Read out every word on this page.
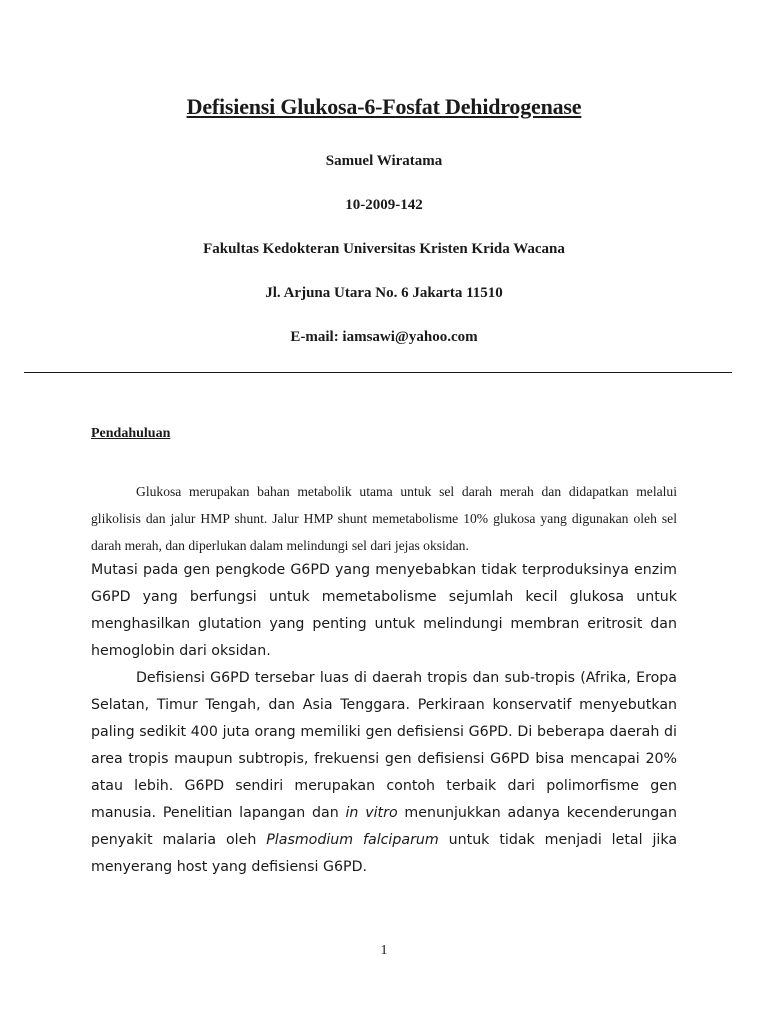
Defisiensi Glukosa-6-Fosfat Dehidrogenase
Samuel Wiratama
10-2009-142
Fakultas Kedokteran Universitas Kristen Krida Wacana
Jl. Arjuna Utara No. 6 Jakarta 11510
E-mail: iamsawi@yahoo.com
Pendahuluan

Glukosa merupakan bahan metabolik utama untuk sel darah merah dan didapatkan melalui glikolisis dan jalur HMP shunt. Jalur HMP shunt memetabolisme 10% glukosa yang digunakan oleh sel darah merah, dan diperlukan dalam melindungi sel dari jejas oksidan.

Mutasi pada gen pengkode G6PD yang menyebabkan tidak terproduksinya enzim G6PD yang berfungsi untuk memetabolisme sejumlah kecil glukosa untuk menghasilkan glutation yang penting untuk melindungi membran eritrosit dan hemoglobin dari oksidan.

Defisiensi G6PD tersebar luas di daerah tropis dan sub-tropis (Afrika, Eropa Selatan, Timur Tengah, dan Asia Tenggara. Perkiraan konservatif menyebutkan paling sedikit 400 juta orang memiliki gen defisiensi G6PD. Di beberapa daerah di area tropis maupun subtropis, frekuensi gen defisiensi G6PD bisa mencapai 20% atau lebih. G6PD sendiri merupakan contoh terbaik dari polimorfisme gen manusia. Penelitian lapangan dan in vitro menunjukkan adanya kecenderungan penyakit malaria oleh Plasmodium falciparum untuk tidak menjadi letal jika menyerang host yang defisiensi G6PD.

1
